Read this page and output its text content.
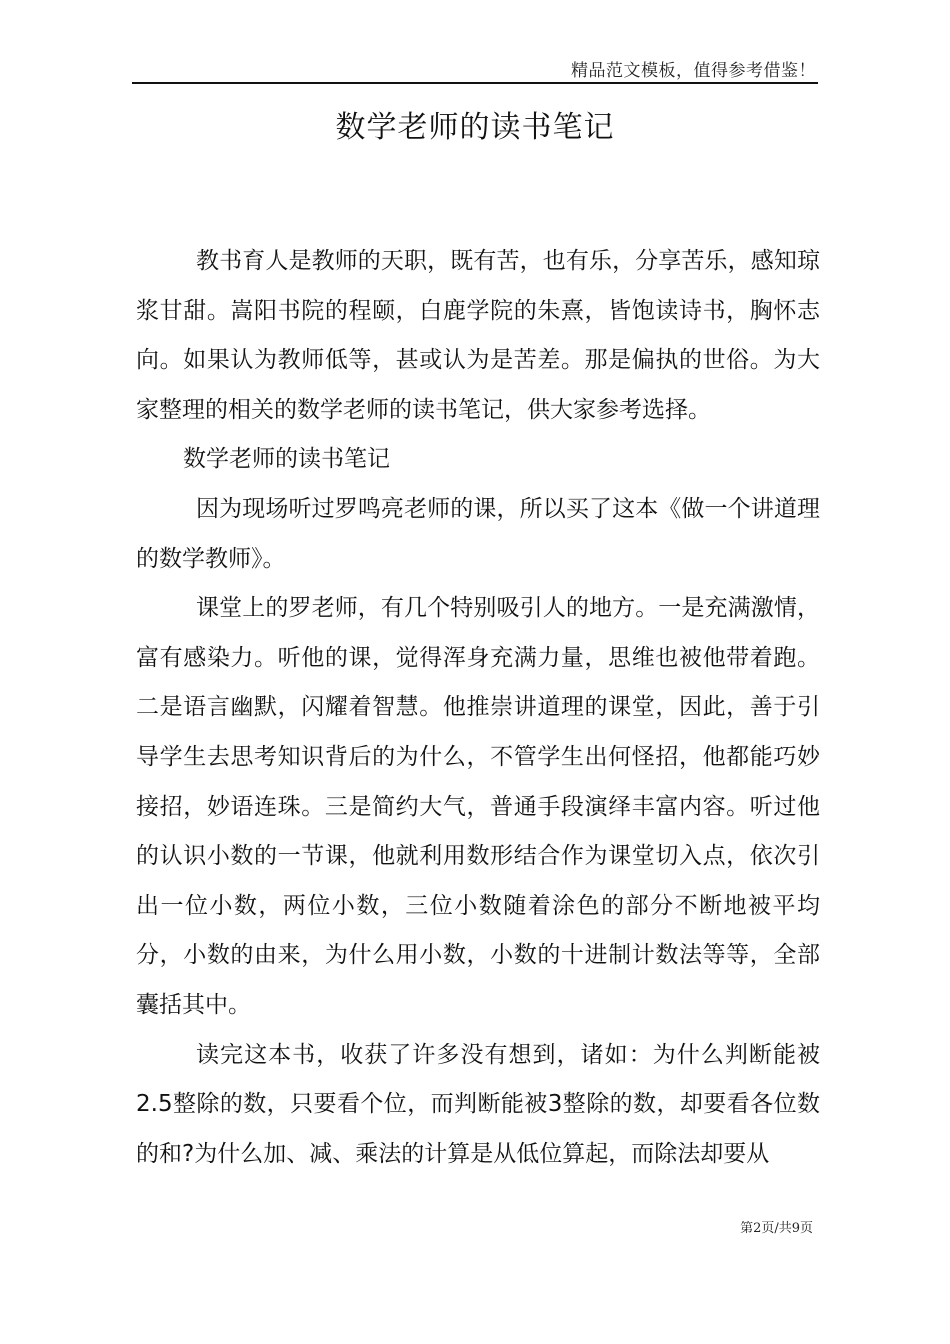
精品范文模板，值得参考借鉴！
数学老师的读书笔记

教书育人是教师的天职，既有苦，也有乐，分享苦乐，感知琼浆甘甜。嵩阳书院的程颐，白鹿学院的朱熹，皆饱读诗书，胸怀志向。如果认为教师低等，甚或认为是苦差。那是偏执的世俗。为大家整理的相关的数学老师的读书笔记，供大家参考选择。

数学老师的读书笔记

因为现场听过罗鸣亮老师的课，所以买了这本《做一个讲道理的数学教师》。

课堂上的罗老师，有几个特别吸引人的地方。一是充满激情，富有感染力。听他的课，觉得浑身充满力量，思维也被他带着跑。二是语言幽默，闪耀着智慧。他推崇讲道理的课堂，因此，善于引导学生去思考知识背后的为什么，不管学生出何怪招，他都能巧妙接招，妙语连珠。三是简约大气，普通手段演绎丰富内容。听过他的认识小数的一节课，他就利用数形结合作为课堂切入点，依次引出一位小数，两位小数，三位小数随着涂色的部分不断地被平均分，小数的由来，为什么用小数，小数的十进制计数法等等，全部囊括其中。

读完这本书，收获了许多没有想到，诸如：为什么判断能被2.5整除的数，只要看个位，而判断能被3整除的数，却要看各位数的和?为什么加、减、乘法的计算是从低位算起，而除法却要从

第2页/共9页
